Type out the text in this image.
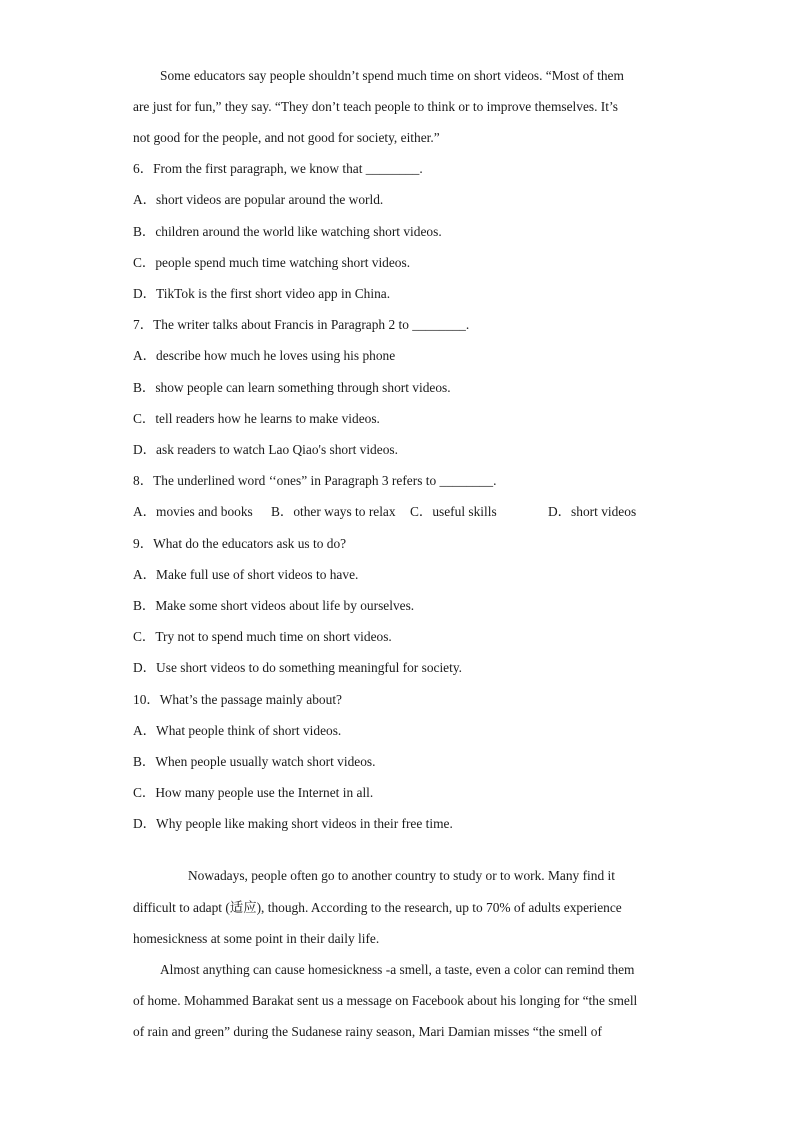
Some educators say people shouldn’t spend much time on short videos. “Most of them
are just for fun,” they say. “They don’t teach people to think or to improve themselves. It’s
not good for the people, and not good for society, either.”
6．From the first paragraph, we know that ________.
A．short videos are popular around the world.
B．children around the world like watching short videos.
C．people spend much time watching short videos.
D．TikTok is the first short video app in China.
7．The writer talks about Francis in Paragraph 2 to ________.
A．describe how much he loves using his phone
B．show people can learn something through short videos.
C．tell readers how he learns to make videos.
D．ask readers to watch Lao Qiao's short videos.
8．The underlined word ‘‘ones” in Paragraph 3 refers to ________.
A．movies and books B．other ways to relax C．useful skills	D．short videos
9．What do the educators ask us to do?
A．Make full use of short videos to have.
B．Make some short videos about life by ourselves.
C．Try not to spend much time on short videos.
D．Use short videos to do something meaningful for society.
10．What’s the passage mainly about?
A．What people think of short videos.
B．When people usually watch short videos.
C．How many people use the Internet in all.
D．Why people like making short videos in their free time.
Nowadays, people often go to another country to study or to work. Many find it
difficult to adapt (适应), though. According to the research, up to 70% of adults experience
homesickness at some point in their daily life.
Almost anything can cause homesickness -a smell, a taste, even a color can remind them
of home. Mohammed Barakat sent us a message on Facebook about his longing for “the smell
of rain and green” during the Sudanese rainy season, Mari Damian misses “the smell of
